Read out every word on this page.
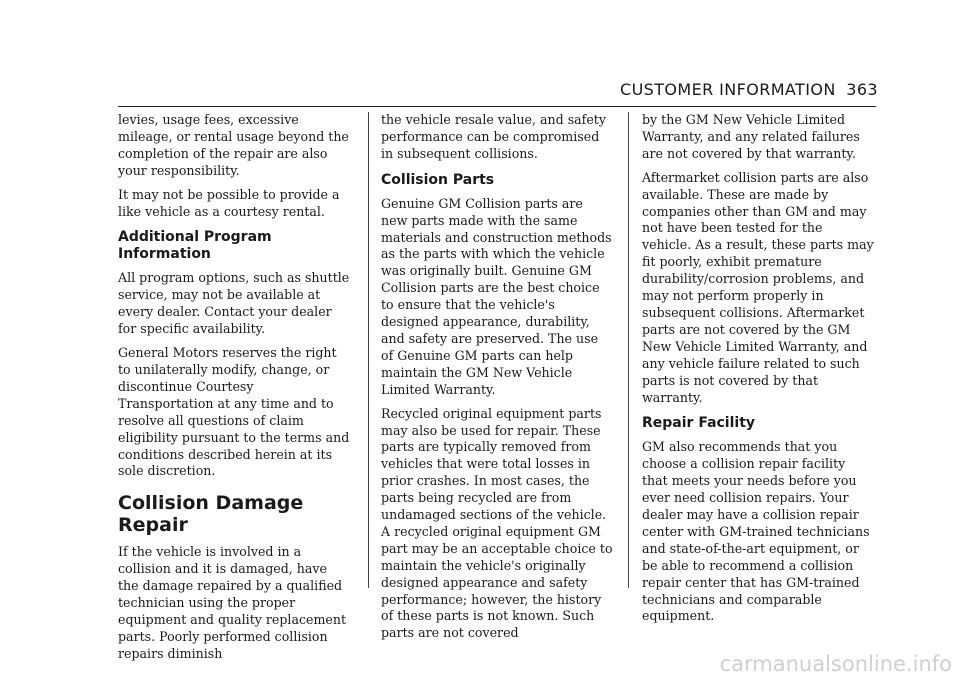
CUSTOMER INFORMATION 363

levies, usage fees, excessive mileage, or rental usage beyond the completion of the repair are also your responsibility.

It may not be possible to provide a like vehicle as a courtesy rental.

Additional Program Information

All program options, such as shuttle service, may not be available at every dealer. Contact your dealer for specific availability.

General Motors reserves the right to unilaterally modify, change, or discontinue Courtesy Transportation at any time and to resolve all questions of claim eligibility pursuant to the terms and conditions described herein at its sole discretion.

Collision Damage Repair

If the vehicle is involved in a collision and it is damaged, have the damage repaired by a qualified technician using the proper equipment and quality replacement parts. Poorly performed collision repairs diminish

the vehicle resale value, and safety performance can be compromised in subsequent collisions.

Collision Parts

Genuine GM Collision parts are new parts made with the same materials and construction methods as the parts with which the vehicle was originally built. Genuine GM Collision parts are the best choice to ensure that the vehicle's designed appearance, durability, and safety are preserved. The use of Genuine GM parts can help maintain the GM New Vehicle Limited Warranty.

Recycled original equipment parts may also be used for repair. These parts are typically removed from vehicles that were total losses in prior crashes. In most cases, the parts being recycled are from undamaged sections of the vehicle. A recycled original equipment GM part may be an acceptable choice to maintain the vehicle's originally designed appearance and safety performance; however, the history of these parts is not known. Such parts are not covered

by the GM New Vehicle Limited Warranty, and any related failures are not covered by that warranty.

Aftermarket collision parts are also available. These are made by companies other than GM and may not have been tested for the vehicle. As a result, these parts may fit poorly, exhibit premature durability/corrosion problems, and may not perform properly in subsequent collisions. Aftermarket parts are not covered by the GM New Vehicle Limited Warranty, and any vehicle failure related to such parts is not covered by that warranty.

Repair Facility

GM also recommends that you choose a collision repair facility that meets your needs before you ever need collision repairs. Your dealer may have a collision repair center with GM-trained technicians and state-of-the-art equipment, or be able to recommend a collision repair center that has GM-trained technicians and comparable equipment.

carmanualsonline.info
